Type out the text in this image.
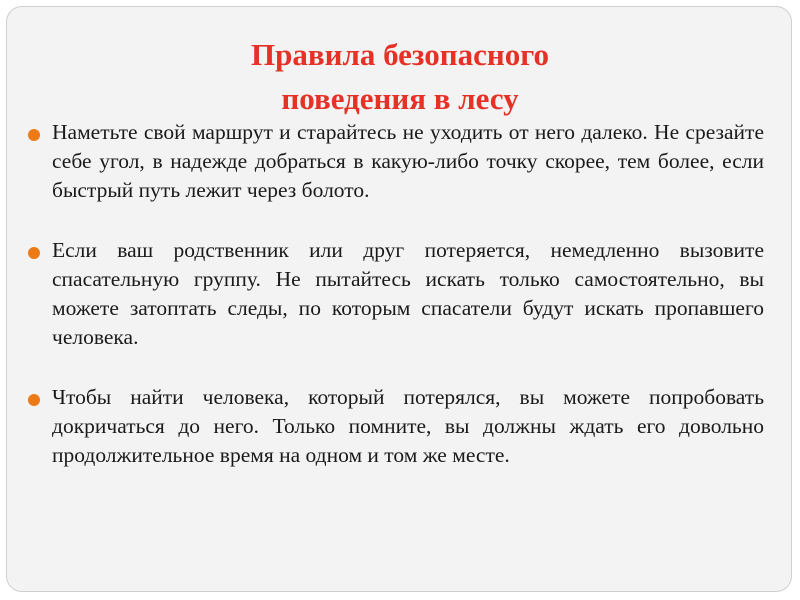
Правила безопасного
поведения в лесу
Наметьте свой маршрут и старайтесь не уходить от него далеко. Не срезайте себе угол, в надежде добраться в какую-либо точку скорее, тем более, если быстрый путь лежит через болото.
Если ваш родственник или друг потеряется, немедленно вызовите спасательную группу. Не пытайтесь искать только самостоятельно, вы можете затоптать следы, по которым спасатели будут искать пропавшего человека.
Чтобы найти человека, который потерялся, вы можете попробовать докричаться до него. Только помните, вы должны ждать его довольно продолжительное время на одном и том же месте.
